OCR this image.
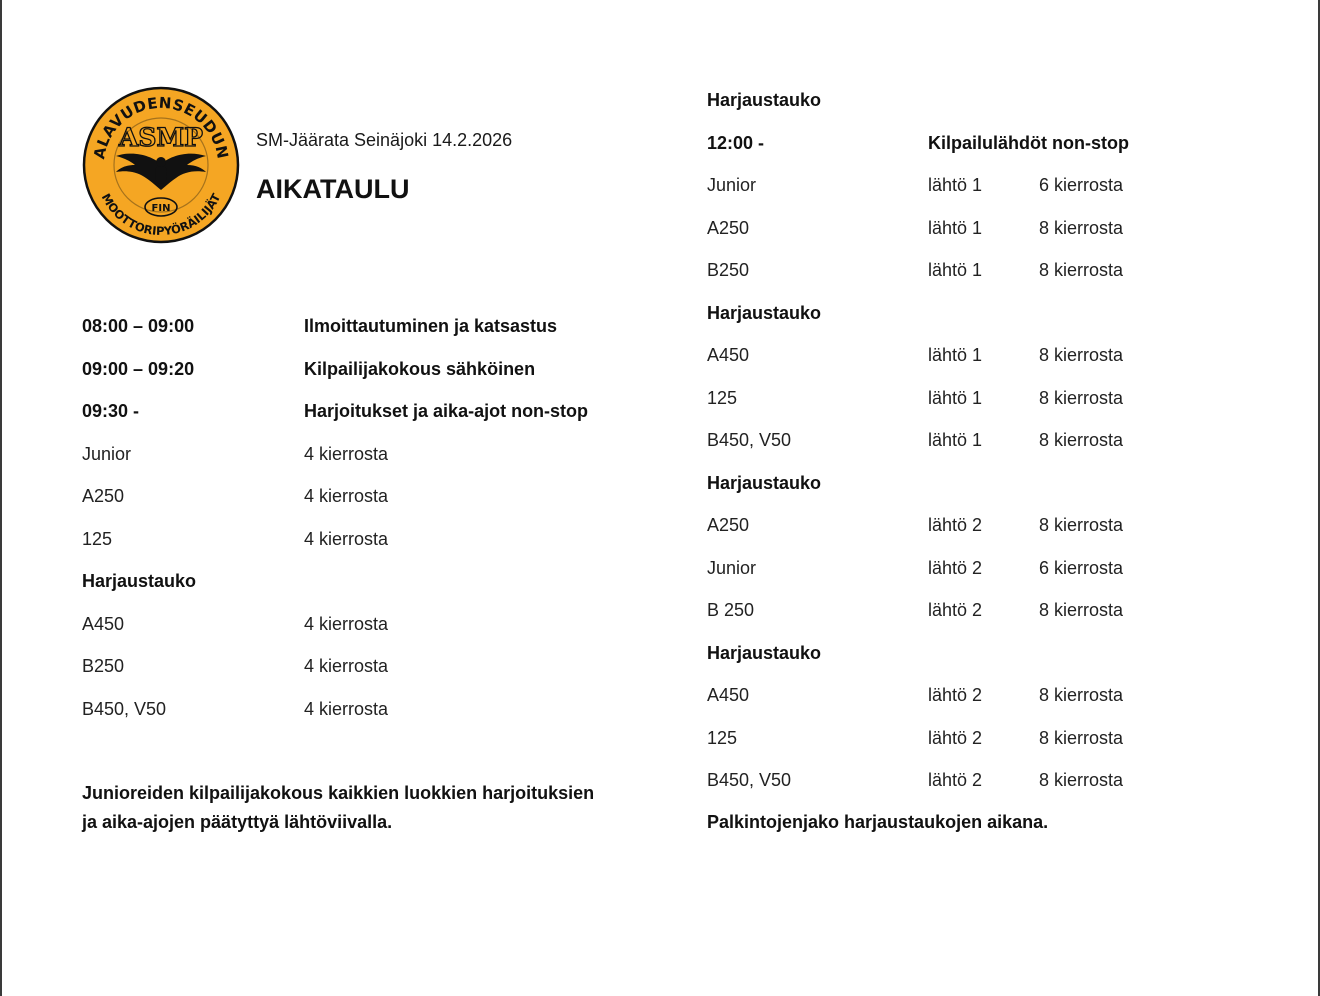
ALAVUDENSEUDUN
MOOTTORIPYÖRÄILIJÄT
ASMP
FIN
SM-Jäärata Seinäjoki 14.2.2026
AIKATAULU
08:00 – 09:00	Ilmoittautuminen ja katsastus
09:00 – 09:20	Kilpailijakokous sähköinen
09:30 -	Harjoitukset ja aika-ajot non-stop
Junior	4 kierrosta
A250	4 kierrosta
125	4 kierrosta
Harjaustauko
A450	4 kierrosta
B250	4 kierrosta
B450, V50	4 kierrosta
Harjaustauko
12:00 -	Kilpailulähdöt non-stop
Junior	lähtö 1	6 kierrosta
A250	lähtö 1	8 kierrosta
B250	lähtö 1	8 kierrosta
Harjaustauko
A450	lähtö 1	8 kierrosta
125	lähtö 1	8 kierrosta
B450, V50	lähtö 1	8 kierrosta
Harjaustauko
A250	lähtö 2	8 kierrosta
Junior	lähtö 2	6 kierrosta
B 250	lähtö 2	8 kierrosta
Harjaustauko
A450	lähtö 2	8 kierrosta
125	lähtö 2	8 kierrosta
B450, V50	lähtö 2	8 kierrosta
Junioreiden kilpailijakokous kaikkien luokkien harjoituksien
ja aika-ajojen päätyttyä lähtöviivalla.	Palkintojenjako harjaustaukojen aikana.
